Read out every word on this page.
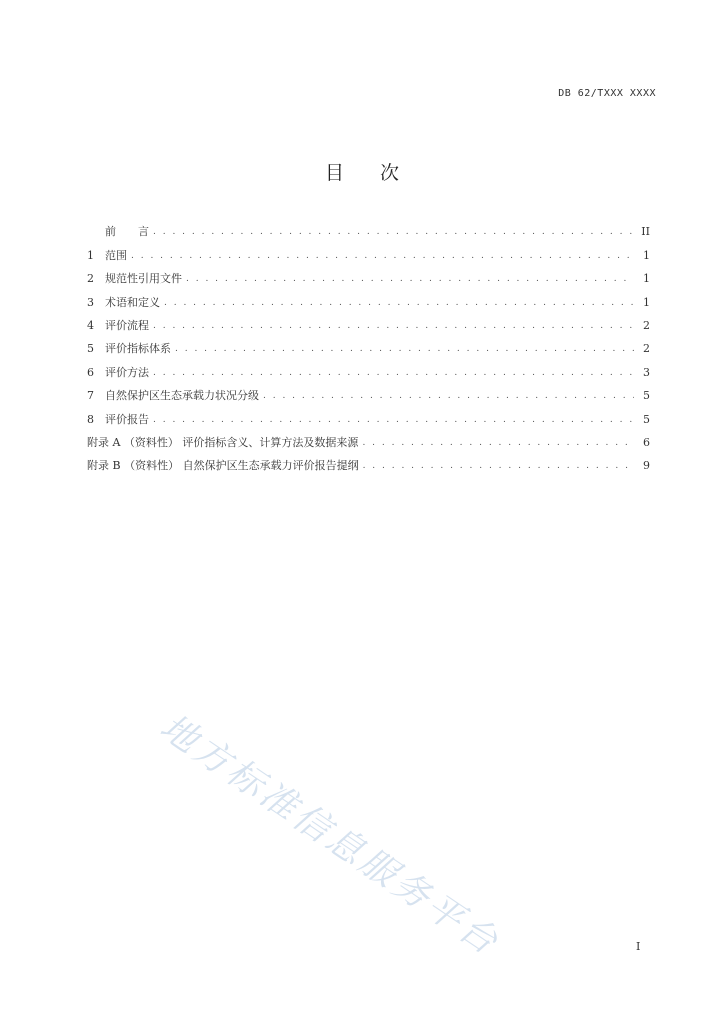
DB 62/TXXX XXXX
目次
前　　言 . . .	II
1 范围 . . .	1
2 规范性引用文件 . . .	1
3 术语和定义 . . .	1
4 评价流程 . . .	2
5 评价指标体系 . . .	2
6 评价方法 . . .	3
7 自然保护区生态承载力状况分级 . . .	5
8 评价报告 . . .	5
附录 A （资料性） 评价指标含义、计算方法及数据来源 . . .	6
附录 B （资料性） 自然保护区生态承载力评价报告提纲 . . .	9
地方标准信息服务平台	I
